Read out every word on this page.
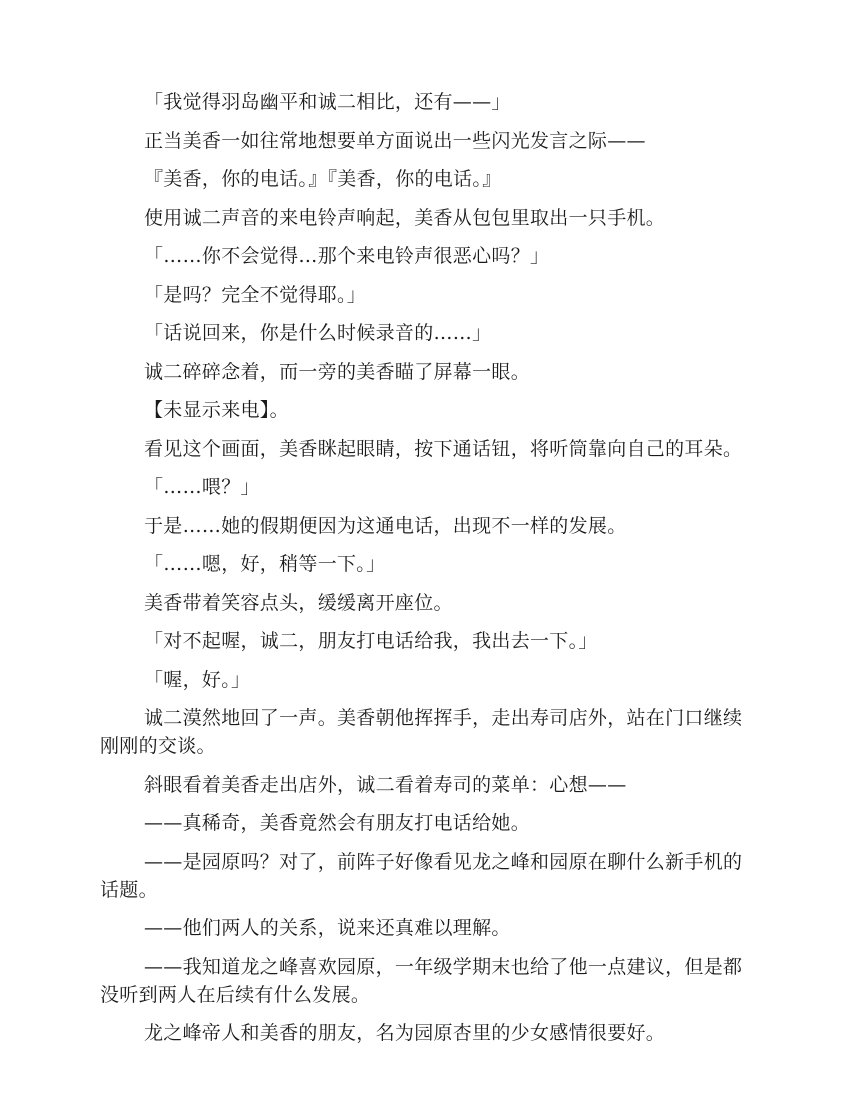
「我觉得羽岛幽平和诚二相比，还有——」

正当美香一如往常地想要单方面说出一些闪光发言之际——

『美香，你的电话。』『美香，你的电话。』

使用诚二声音的来电铃声响起，美香从包包里取出一只手机。

「……你不会觉得…那个来电铃声很恶心吗？」

「是吗？完全不觉得耶。」

「话说回来，你是什么时候录音的……」

诚二碎碎念着，而一旁的美香瞄了屏幕一眼。

【未显示来电】。

看见这个画面，美香眯起眼睛，按下通话钮，将听筒靠向自己的耳朵。

「……喂？」

于是……她的假期便因为这通电话，出现不一样的发展。

「……嗯，好，稍等一下。」

美香带着笑容点头，缓缓离开座位。

「对不起喔，诚二，朋友打电话给我，我出去一下。」

「喔，好。」

诚二漠然地回了一声。美香朝他挥挥手，走出寿司店外，站在门口继续刚刚的交谈。

斜眼看着美香走出店外，诚二看着寿司的菜单：心想——

——真稀奇，美香竟然会有朋友打电话给她。

——是园原吗？对了，前阵子好像看见龙之峰和园原在聊什么新手机的话题。

——他们两人的关系，说来还真难以理解。

——我知道龙之峰喜欢园原，一年级学期末也给了他一点建议，但是都没听到两人在后续有什么发展。

龙之峰帝人和美香的朋友，名为园原杏里的少女感情很要好。
